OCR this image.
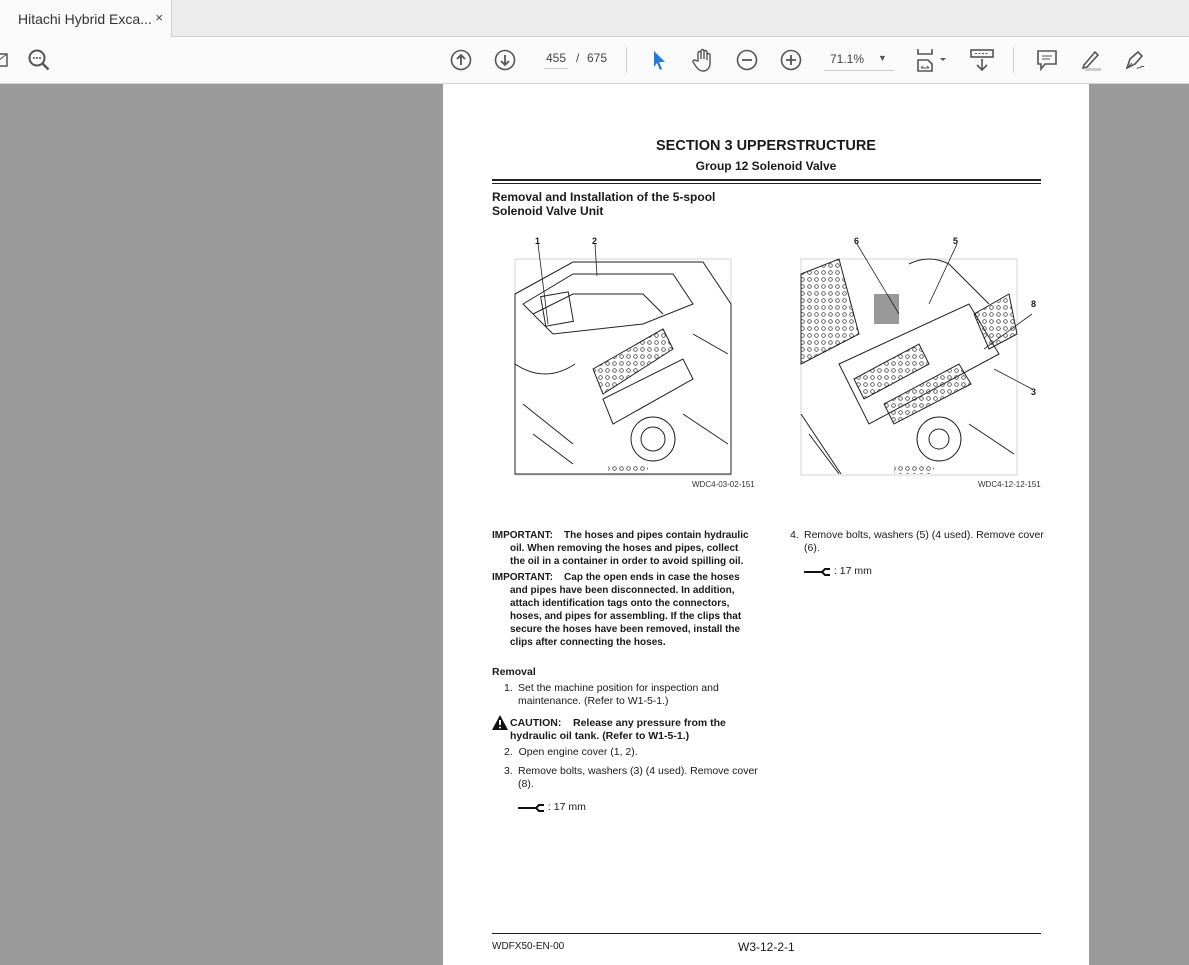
Hitachi Hybrid Exca... ×
455 / 675	71.1% ▼
SECTION 3 UPPERSTRUCTURE
Group 12 Solenoid Valve
Removal and Installation of the 5-spool
Solenoid Valve Unit
1	2
WDC4-03-02-151
6	5
8
3
WDC4-12-12-151
IMPORTANT: The hoses and pipes contain hydraulic
oil. When removing the hoses and pipes, collect
the oil in a container in order to avoid spilling oil.
IMPORTANT: Cap the open ends in case the hoses
and pipes have been disconnected. In addition,
attach identification tags onto the connectors,
hoses, and pipes for assembling. If the clips that
secure the hoses have been removed, install the
clips after connecting the hoses.
Removal
1. Set the machine position for inspection and
maintenance. (Refer to W1-5-1.)
CAUTION: Release any pressure from the
hydraulic oil tank. (Refer to W1-5-1.)
2. Open engine cover (1, 2).
3. Remove bolts, washers (3) (4 used). Remove cover
(8).
: 17 mm
4. Remove bolts, washers (5) (4 used). Remove cover
(6).
: 17 mm
WDFX50-EN-00	W3-12-2-1
